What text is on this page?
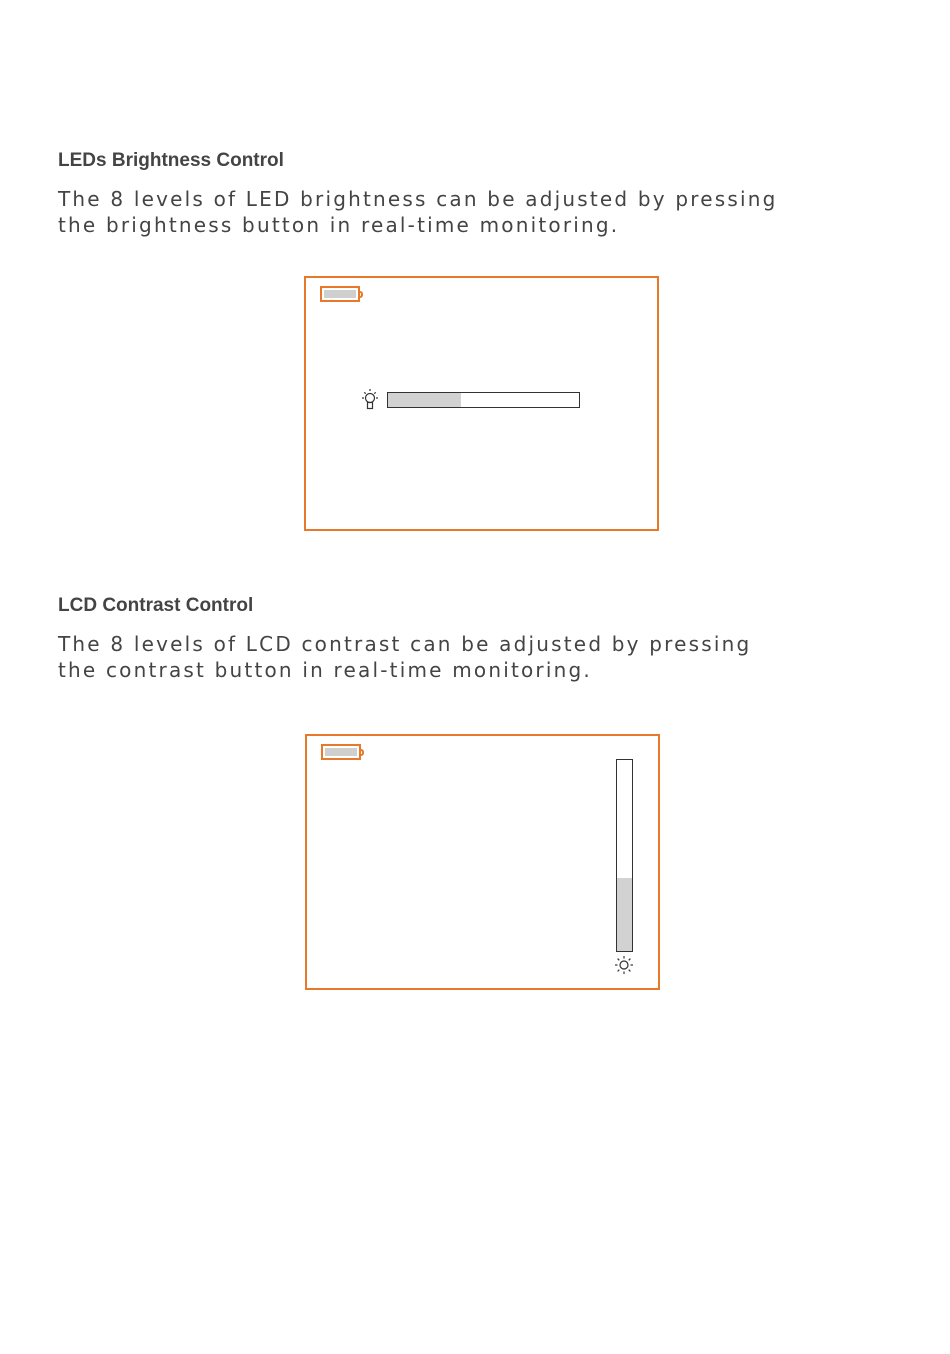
LEDs Brightness Control

The 8 levels of LED brightness can be adjusted by pressing
the brightness button in real-time monitoring.

LCD Contrast Control

The 8 levels of LCD contrast can be adjusted by pressing
the contrast button in real-time monitoring.
